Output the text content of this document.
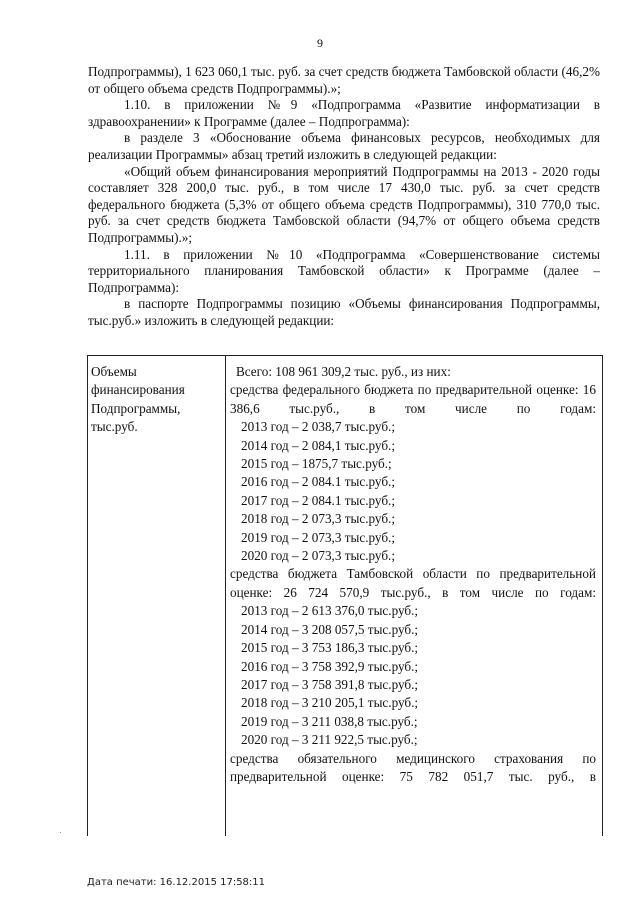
9

Подпрограммы), 1 623 060,1 тыс. руб. за счет средств бюджета Тамбовской области (46,2% от общего объема средств Подпрограммы).»;

1.10. в приложении №9 «Подпрограмма «Развитие информатизации в здравоохранении» к Программе (далее – Подпрограмма):

в разделе 3 «Обоснование объема финансовых ресурсов, необходимых для реализации Программы» абзац третий изложить в следующей редакции:

«Общий объем финансирования мероприятий Подпрограммы на 2013 - 2020 годы составляет 328 200,0 тыс. руб., в том числе 17 430,0 тыс. руб. за счет средств федерального бюджета (5,3% от общего объема средств Подпрограммы), 310 770,0 тыс. руб. за счет средств бюджета Тамбовской области (94,7% от общего объема средств Подпрограммы).»;

1.11. в приложении №10 «Подпрограмма «Совершенствование системы территориального планирования Тамбовской области» к Программе (далее – Подпрограмма):

в паспорте Подпрограммы позицию «Объемы финансирования Подпрограммы, тыс.руб.» изложить в следующей редакции:

Объемы
финансирования
Подпрограммы,
тыс.руб.
Всего: 108 961 309,2 тыс. руб., из них:
средства федерального бюджета по предварительной оценке: 16 386,6 тыс.руб., в том числе по годам:
2013 год – 2 038,7 тыс.руб.;
2014 год – 2 084,1 тыс.руб.;
2015 год – 1875,7 тыс.руб.;
2016 год – 2 084.1 тыс.руб.;
2017 год – 2 084.1 тыс.руб.;
2018 год – 2 073,3 тыс.руб.;
2019 год – 2 073,3 тыс.руб.;
2020 год – 2 073,3 тыс.руб.;
средства бюджета Тамбовской области по предварительной оценке: 26 724 570,9 тыс.руб., в том числе по годам:
2013 год – 2 613 376,0 тыс.руб.;
2014 год – 3 208 057,5 тыс.руб.;
2015 год – 3 753 186,3 тыс.руб.;
2016 год – 3 758 392,9 тыс.руб.;
2017 год – 3 758 391,8 тыс.руб.;
2018 год – 3 210 205,1 тыс.руб.;
2019 год – 3 211 038,8 тыс.руб.;
2020 год – 3 211 922,5 тыс.руб.;
средства обязательного медицинского страхования по предварительной оценке: 75 782 051,7 тыс. руб., в
Дата печати: 16.12.2015 17:58:11
